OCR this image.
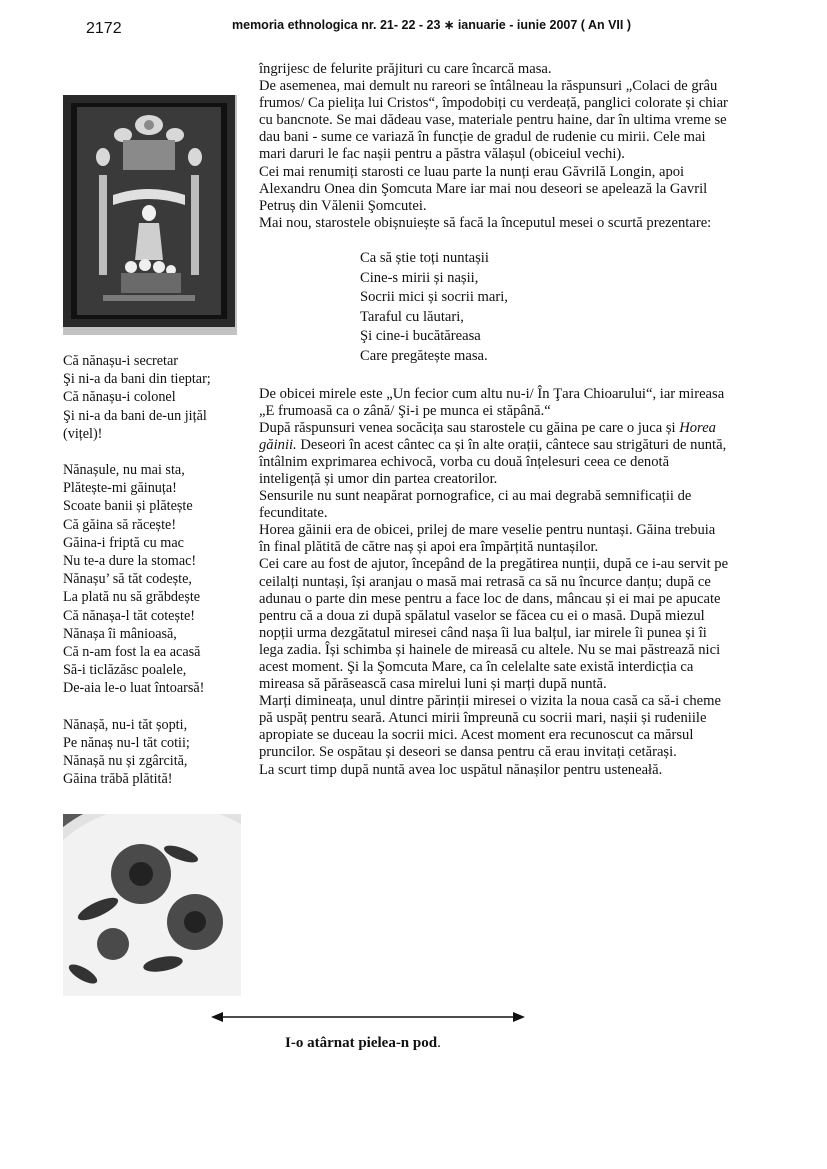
2172	memoria ethnologica nr. 21- 22 - 23 ∗ ianuarie - iunie 2007 ( An VII )

îngrijesc de felurite prăjituri cu care încarcă masa.

De asemenea, mai demult nu rareori se întâlneau la răspunsuri „Colaci de grâu frumos/ Ca pielița lui Cristos“, împodobiți cu verdeață, panglici colorate și chiar cu bancnote. Se mai dădeau vase, materiale pentru haine, dar în ultima vreme se dau bani - sume ce variază în funcție de gradul de rudenie cu mirii. Cele mai mari daruri le fac nașii pentru a păstra vălașul (obiceiul vechi).

Cei mai renumiți starosti ce luau parte la nunți erau Găvrilă Longin, apoi Alexandru Onea din Şomcuta Mare iar mai nou deseori se apelează la Gavril Petruș din Vălenii Şomcutei.

Mai nou, starostele obișnuiește să facă la începutul mesei o scurtă prezentare:

Ca să știe toți nuntașii
Cine-s mirii și nașii,
Socrii mici și socrii mari,
Taraful cu lăutari,
Şi cine-i bucătăreasa
Care pregătește masa.

De obicei mirele este „Un fecior cum altu nu-i/ În Ţara Chioarului“, iar mireasa „E frumoasă ca o zână/ Şi-i pe munca ei stăpână.“

După răspunsuri venea socăcița sau starostele cu găina pe care o juca și Horea găinii. Deseori în acest cântec ca și în alte orații, cântece sau strigături de nuntă, întâlnim exprimarea echivocă, vorba cu două înțelesuri ceea ce denotă inteligență și umor din partea creatorilor.

Sensurile nu sunt neapărat pornografice, ci au mai degrabă semnificații de fecunditate.

Horea găinii era de obicei, prilej de mare veselie pentru nuntași. Găina trebuia în final plătită de către naș și apoi era împărțită nuntașilor.

Cei care au fost de ajutor, începând de la pregătirea nunții, după ce i-au servit pe ceilalți nuntași, își aranjau o masă mai retrasă ca să nu încurce danțu; după ce adunau o parte din mese pentru a face loc de dans, mâncau și ei mai pe apucate pentru că a doua zi după spălatul vaselor se făcea cu ei o masă. După miezul nopții urma dezgătatul miresei când nașa îi lua balțul, iar mirele îi punea și îi lega zadia. Își schimba și hainele de mireasă cu altele. Nu se mai păstrează nici acest moment. Şi la Şomcuta Mare, ca în celelalte sate există interdicția ca mireasa să părăsească casa mirelui luni și marți după nuntă.

Marți dimineața, unul dintre părinții miresei o vizita la noua casă ca să-i cheme pă uspăț pentru seară. Atunci mirii împreună cu socrii mari, nașii și rudeniile apropiate se duceau la socrii mici. Acest moment era recunoscut ca mărsul pruncilor. Se ospătau și deseori se dansa pentru că erau invitați cetărași.

La scurt timp după nuntă avea loc uspătul nănașilor pentru usteneałă.

Că nănașu-i secretar
Şi ni-a da bani din tieptar;
Că nănașu-i colonel
Şi ni-a da bani de-un jițăl
(vițel)!
Nănașule, nu mai sta,
Plătește-mi găinuța!
Scoate banii și plătește
Că găina să răcește!
Găina-i friptă cu mac
Nu te-a dure la stomac!
Nănașu’ să tăt codește,
La plată nu să grăbdește
Că nănașa-l tăt cotește!
Nănașa îi mânioasă,
Că n-am fost la ea acasă
Să-i ticlăzăsc poalele,
De-aia le-o luat întoarsă!
Nănașă, nu-i tăt șopti,
Pe nănaș nu-l tăt cotii;
Nănașă nu și zgârcită,
Găina trăbă plătită!
I-o atârnat pielea-n pod.
